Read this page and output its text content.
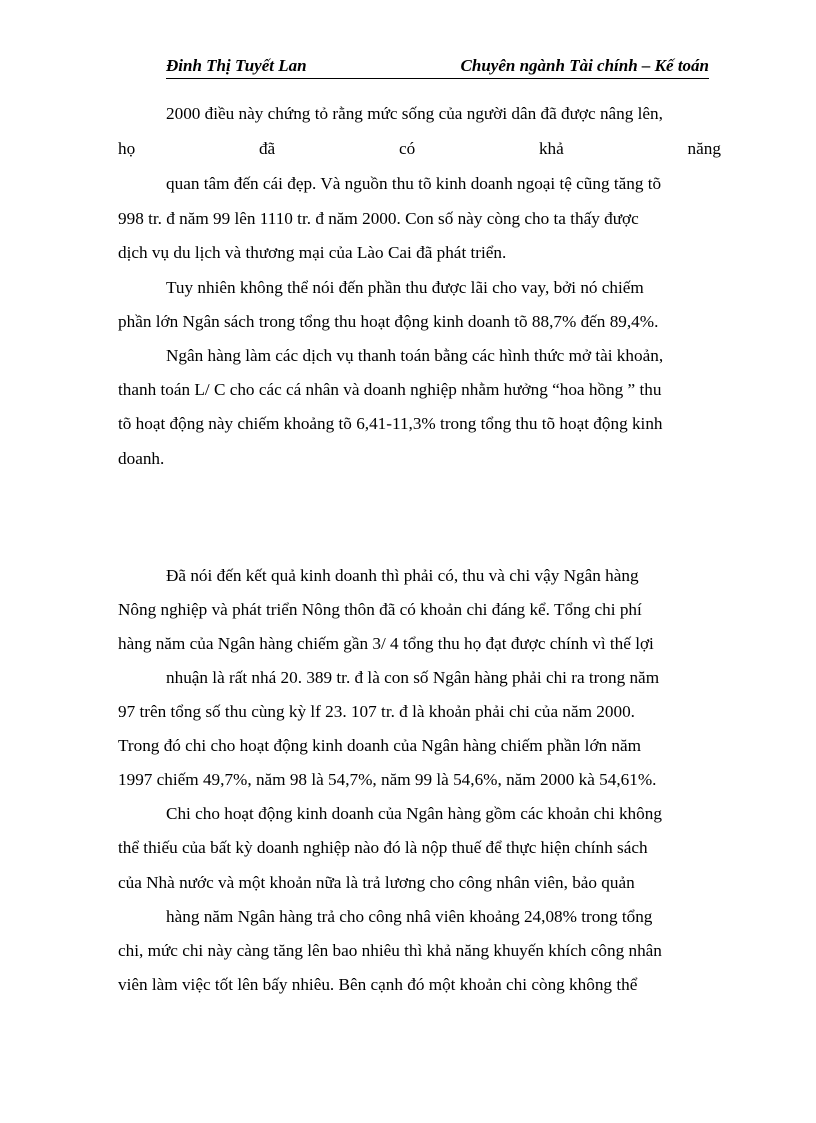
Đinh Thị Tuyết Lan	Chuyên ngành Tài chính – Kế toán
2000 điều này chứng tỏ rằng mức sống của người dân đã được nâng lên,
họ	đã	có	khả	năng
quan tâm đến cái đẹp. Và nguồn thu tõ kinh doanh ngoại tệ cũng tăng tõ
998 tr. đ năm 99 lên 1110 tr. đ năm 2000. Con số này còng cho ta thấy được
dịch vụ du lịch và thương mại của Lào Cai đã phát triển.
Tuy nhiên không thể nói đến phần thu được lãi cho vay, bởi nó chiếm
phần lớn Ngân sách trong tổng thu hoạt động kinh doanh tõ 88,7% đến 89,4%.
Ngân hàng làm các dịch vụ thanh toán bằng các hình thức mở tài khoản,
thanh toán L/ C cho các cá nhân và doanh nghiệp nhằm hưởng “hoa hồng ” thu
tõ hoạt động này chiếm khoảng tõ 6,41-11,3% trong tổng thu tõ hoạt động kinh
doanh.
Đã nói đến kết quả kinh doanh thì phải có, thu và chi vậy Ngân hàng
Nông nghiệp và phát triển Nông thôn đã có khoản chi đáng kể. Tổng chi phí
hàng năm của Ngân hàng chiếm gần 3/ 4 tổng thu họ đạt được chính vì thế lợi
nhuận là rất nhá 20. 389 tr. đ là con số Ngân hàng phải chi ra trong năm
97 trên tổng số thu cùng kỳ lf 23. 107 tr. đ là khoản phải chi của năm 2000.
Trong đó chi cho hoạt động kinh doanh của Ngân hàng chiếm phần lớn năm
1997 chiếm 49,7%, năm 98 là 54,7%, năm 99 là 54,6%, năm 2000 kà 54,61%.
Chi cho hoạt động kinh doanh của Ngân hàng gồm các khoản chi không
thể thiếu của bất kỳ doanh nghiệp nào đó là nộp thuế để thực hiện chính sách
của Nhà nước và một khoản nữa là trả lương cho công nhân viên, bảo quản
hàng năm Ngân hàng trả cho công nhâ viên khoảng 24,08% trong tổng
chi, mức chi này càng tăng lên bao nhiêu thì khả năng khuyến khích công nhân
viên làm việc tốt lên bấy nhiêu. Bên cạnh đó một khoản chi còng không thể
